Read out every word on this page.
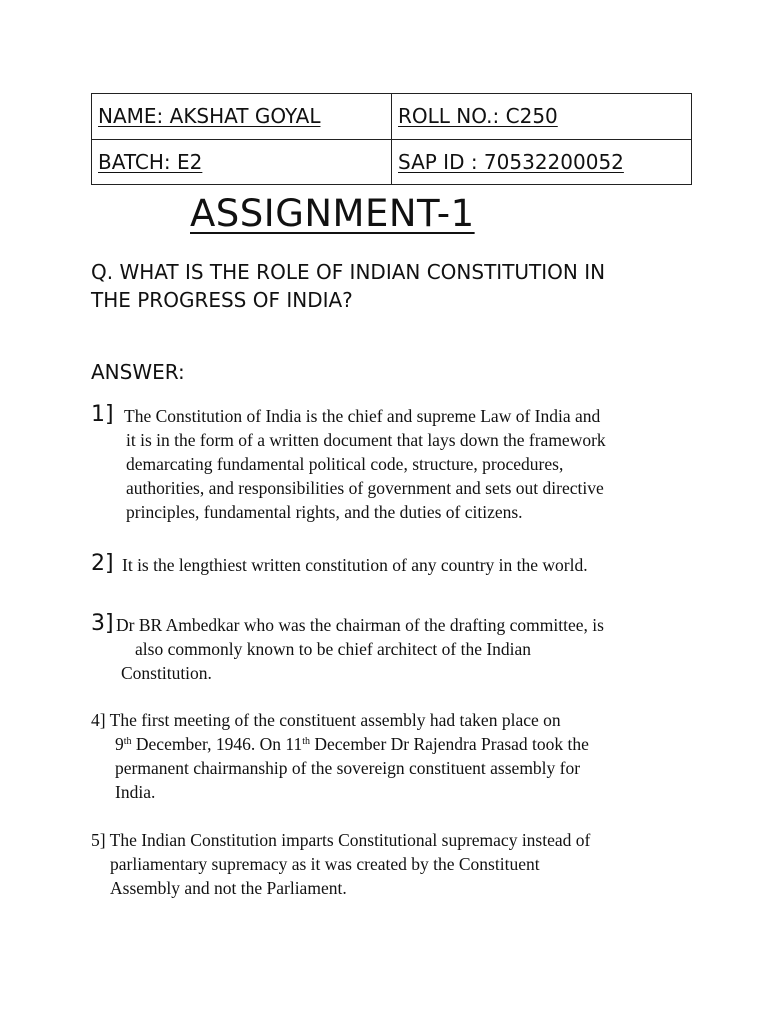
NAME: AKSHAT GOYAL	ROLL NO.: C250
BATCH: E2	SAP ID : 70532200052
ASSIGNMENT-1
Q. WHAT IS THE ROLE OF INDIAN CONSTITUTION IN
THE PROGRESS OF INDIA?
ANSWER:
1] The Constitution of India is the chief and supreme Law of India and
it is in the form of a written document that lays down the framework
demarcating fundamental political code, structure, procedures,
authorities, and responsibilities of government and sets out directive
principles, fundamental rights, and the duties of citizens.
2] It is the lengthiest written constitution of any country in the world.
3] Dr BR Ambedkar who was the chairman of the drafting committee, is
also commonly known to be chief architect of the Indian
Constitution.
4] The first meeting of the constituent assembly had taken place on
9th December, 1946. On 11th December Dr Rajendra Prasad took the
permanent chairmanship of the sovereign constituent assembly for
India.
5] The Indian Constitution imparts Constitutional supremacy instead of
parliamentary supremacy as it was created by the Constituent
Assembly and not the Parliament.
